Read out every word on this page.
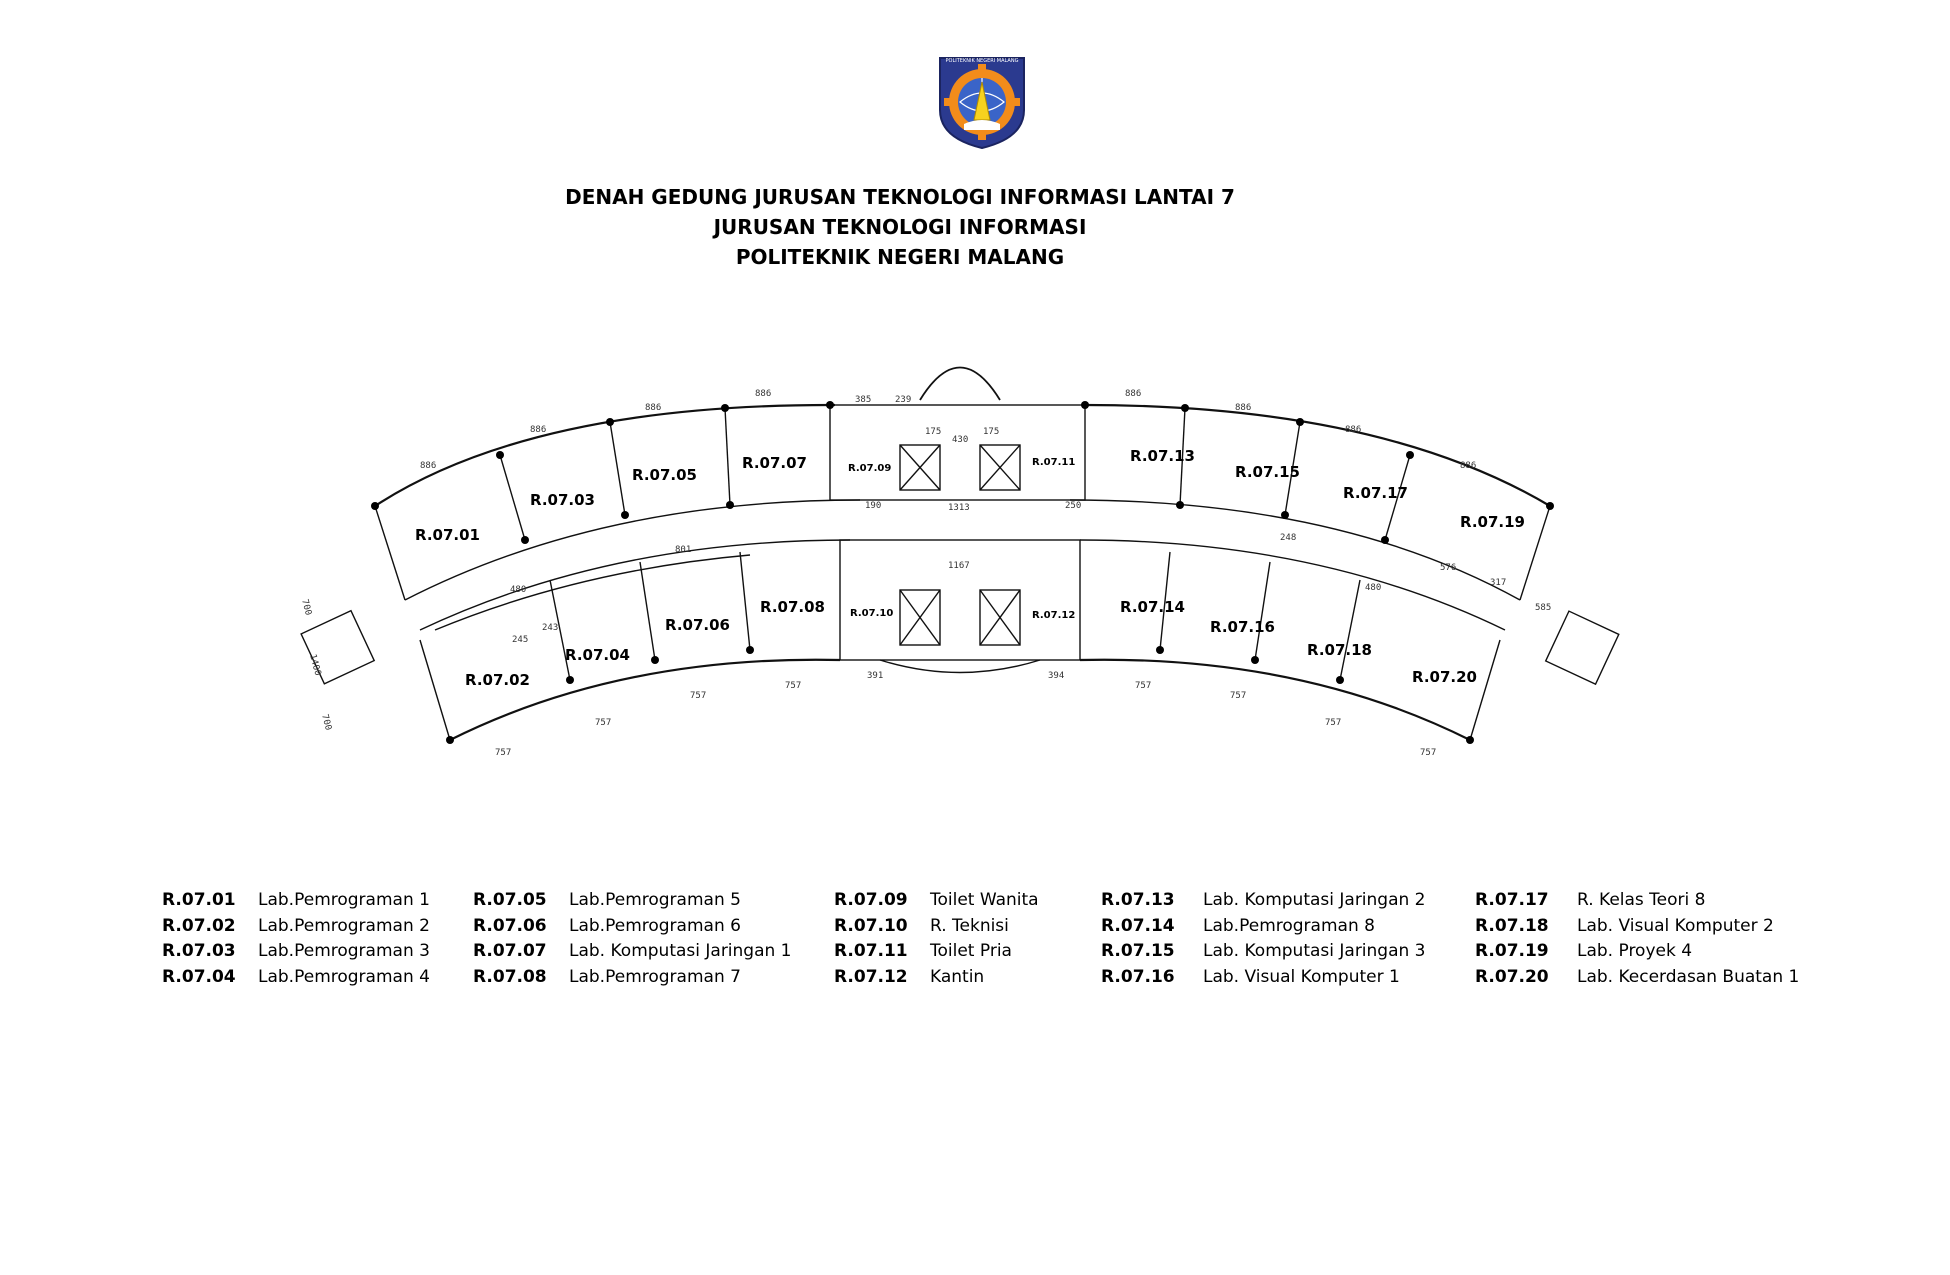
POLITEKNIK NEGERI MALANG
DENAH GEDUNG JURUSAN TEKNOLOGI INFORMASI LANTAI 7
JURUSAN TEKNOLOGI INFORMASI
POLITEKNIK NEGERI MALANG
R.07.01
R.07.02
R.07.03
R.07.04
R.07.05
R.07.06
R.07.07
R.07.08
R.07.09
R.07.10
R.07.11
R.07.12
R.07.13
R.07.14
R.07.15
R.07.16
R.07.17
R.07.18
R.07.19
R.07.20
886
886
886
886	886
886
886
886
757
757
757
757	757
757
757
757
385	239
430
175	175
1313
1167
480	480
245
243
248
250
190
391	394
585
576
317
801
700
700
1400
R.07.01	Lab.Pemrograman 1
R.07.02	Lab.Pemrograman 2
R.07.03	Lab.Pemrograman 3
R.07.04	Lab.Pemrograman 4
R.07.05	Lab.Pemrograman 5
R.07.06	Lab.Pemrograman 6
R.07.07	Lab. Komputasi Jaringan 1
R.07.08	Lab.Pemrograman 7
R.07.09	Toilet Wanita
R.07.10	R. Teknisi
R.07.11	Toilet Pria
R.07.12	Kantin
R.07.13	Lab. Komputasi Jaringan 2
R.07.14	Lab.Pemrograman 8
R.07.15	Lab. Komputasi Jaringan 3
R.07.16	Lab. Visual Komputer 1
R.07.17	R. Kelas Teori 8
R.07.18	Lab. Visual Komputer 2
R.07.19	Lab. Proyek 4
R.07.20	Lab. Kecerdasan Buatan 1
